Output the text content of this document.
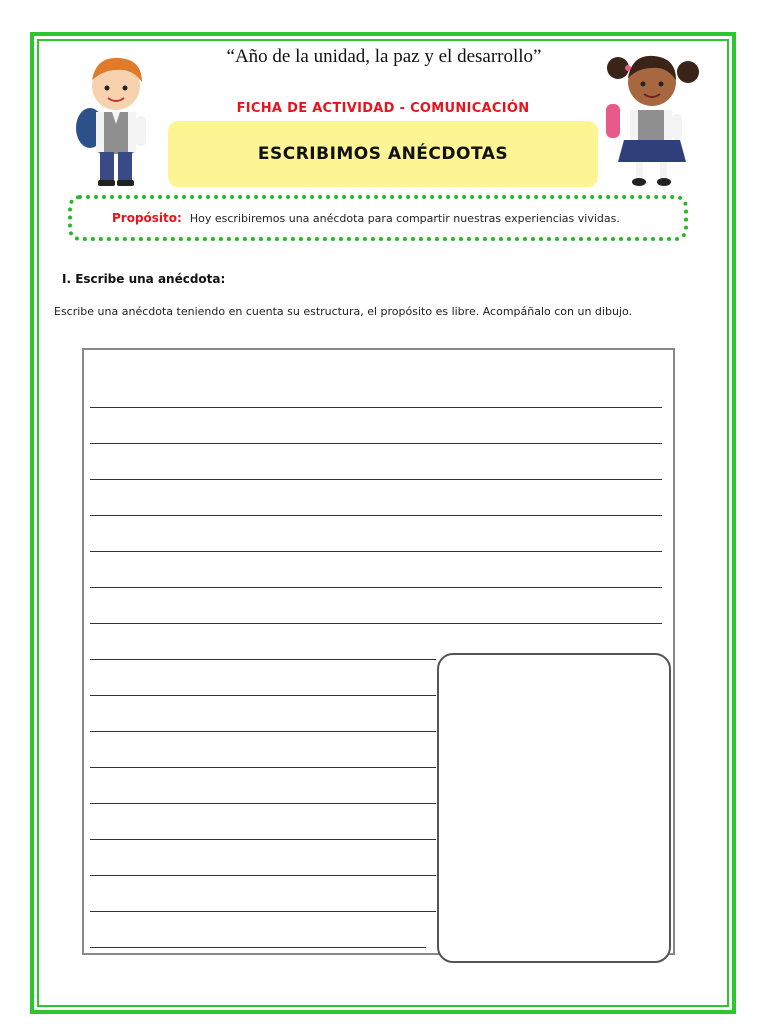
“Año de la unidad, la paz y el desarrollo”
FICHA DE ACTIVIDAD - COMUNICACIÓN
ESCRIBIMOS ANÉCDOTAS
Propósito: Hoy escribiremos una anécdota para compartir nuestras experiencias vividas.
I. Escribe una anécdota:
Escribe una anécdota teniendo en cuenta su estructura, el propósito es libre. Acompáñalo con un dibujo.
